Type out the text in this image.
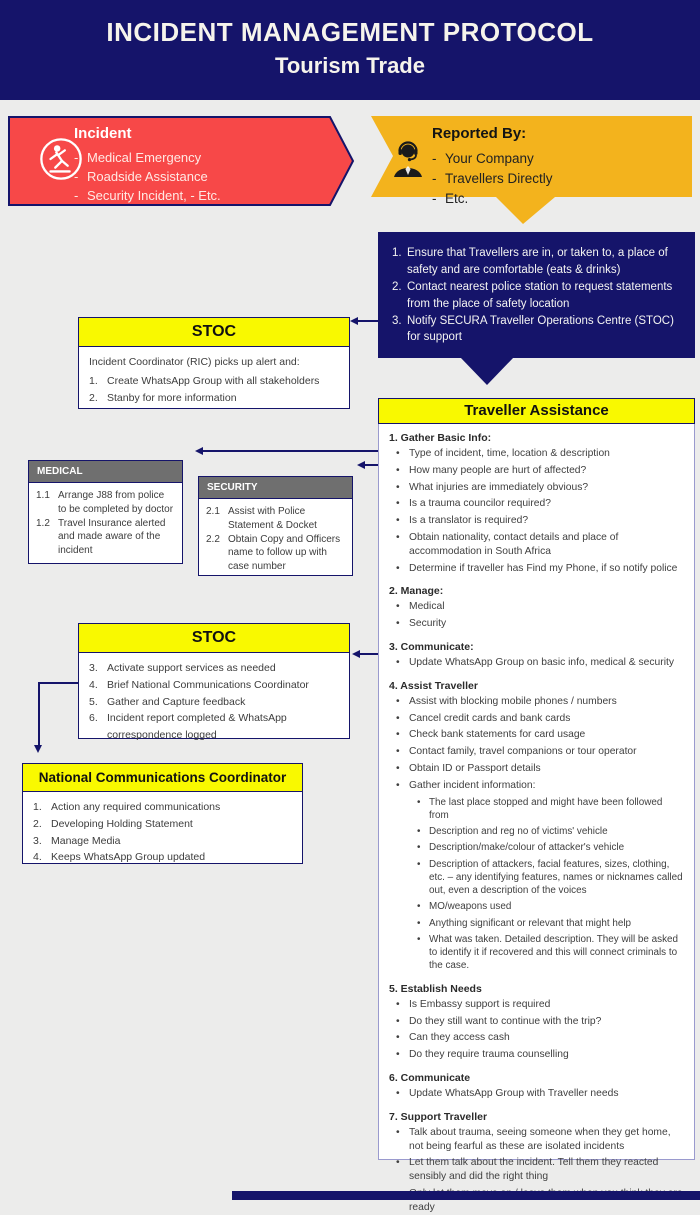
INCIDENT MANAGEMENT PROTOCOL
Tourism Trade
Incident
- Medical Emergency
- Roadside Assistance
- Security Incident, - Etc.
Reported By:
- Your Company
- Travellers Directly
- Etc.
1. Ensure that Travellers are in, or taken to, a place of safety and are comfortable (eats & drinks)
2. Contact nearest police station to request statements from the place of safety location
3. Notify SECURA Traveller Operations Centre (STOC) for support
STOC
Incident Coordinator (RIC) picks up alert and:
1. Create WhatsApp Group with all stakeholders
2. Stanby for more information
MEDICAL
1.1 Arrange J88 from police to be completed by doctor
1.2 Travel Insurance alerted and made aware of the incident
SECURITY
2.1 Assist with Police Statement & Docket
2.2 Obtain Copy and Officers name to follow up with case number
Traveller Assistance
1. Gather Basic Info:
• Type of incident, time, location & description
• How many people are hurt of affected?
• What injuries are immediately obvious?
• Is a trauma councilor required?
• Is a translator is required?
• Obtain nationality, contact details and place of accommodation in South Africa
• Determine if traveller has Find my Phone, if so notify police
2. Manage:
• Medical
• Security
3. Communicate:
• Update WhatsApp Group on basic info, medical & security
4. Assist Traveller
• Assist with blocking mobile phones / numbers
• Cancel credit cards and bank cards
• Check bank statements for card usage
• Contact family, travel companions or tour operator
• Obtain ID or Passport details
• Gather incident information:
• The last place stopped and might have been followed from
• Description and reg no of victims' vehicle
• Description/make/colour of attacker's vehicle
• Description of attackers, facial features, sizes, clothing, etc. – any identifying features, names or nicknames called out, even a description of the voices
• MO/weapons used
• Anything significant or relevant that might help
• What was taken. Detailed description. They will be asked to identify it if recovered and this will connect criminals to the case.
5. Establish Needs
• Is Embassy support is required
• Do they still want to continue with the trip?
• Can they access cash
• Do they require trauma counselling
6. Communicate
• Update WhatsApp Group with Traveller needs
7. Support Traveller
• Talk about trauma, seeing someone when they get home, not being fearful as these are isolated incidents
• Let them talk about the incident. Tell them they reacted sensibly and did the right thing
ready
STOC
3. Activate support services as needed
4. Brief National Communications Coordinator
5. Gather and Capture feedback
6. Incident report completed & WhatsApp correspondence logged
National Communications Coordinator
1. Action any required communications
2. Developing Holding Statement
3. Manage Media
4. Keeps WhatsApp Group updated
